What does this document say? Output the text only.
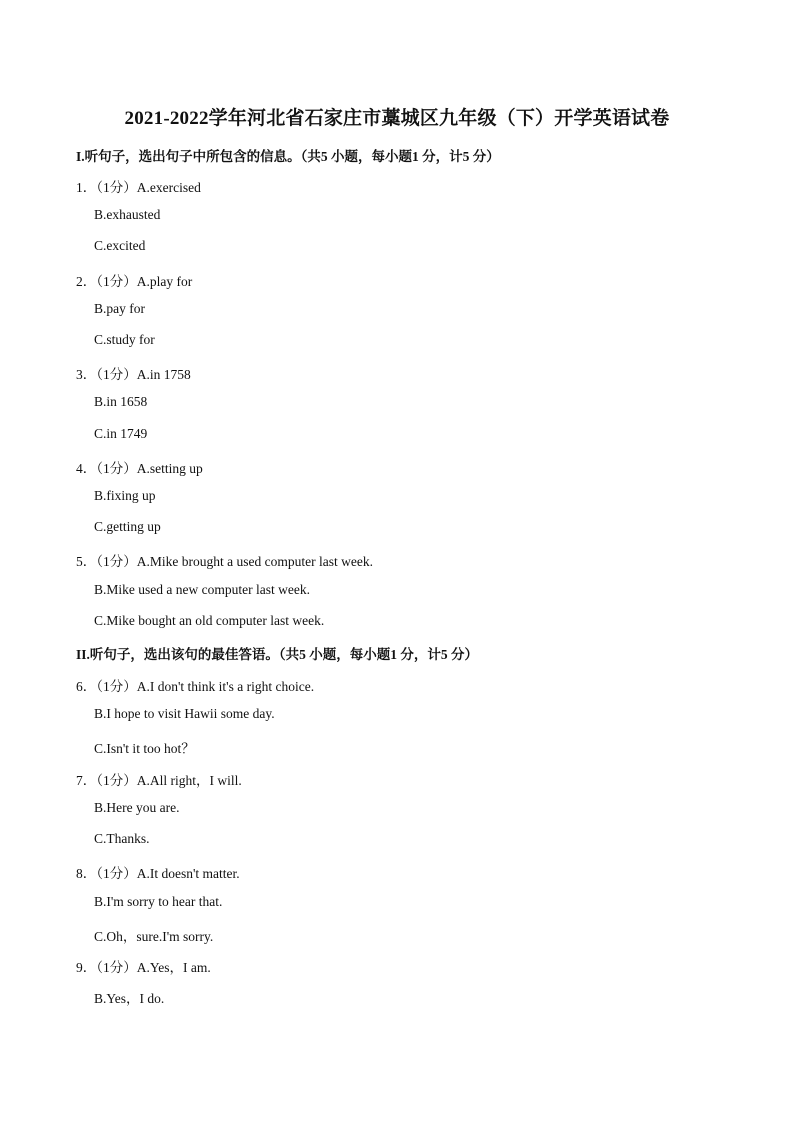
2021-2022学年河北省石家庄市藁城区九年级（下）开学英语试卷
I.听句子，选出句子中所包含的信息。（共5 小题，每小题1 分，计5 分）
1．（1分）A.exercised
B.exhausted
C.excited
2．（1分）A.play for
B.pay for
C.study for
3．（1分）A.in 1758
B.in 1658
C.in 1749
4．（1分）A.setting up
B.fixing up
C.getting up
5．（1分）A.Mike brought a used computer last week.
B.Mike used a new computer last week.
C.Mike bought an old computer last week.
II.听句子，选出该句的最佳答语。（共5 小题，每小题1 分，计5 分）
6．（1分）A.I don't think it's a right choice.
B.I hope to visit Hawii some day.
C.Isn't it too hot？
7．（1分）A.All right，I will.
B.Here you are.
C.Thanks.
8．（1分）A.It doesn't matter.
B.I'm sorry to hear that.
C.Oh，sure.I'm sorry.
9．（1分）A.Yes，I am.
B.Yes，I do.
